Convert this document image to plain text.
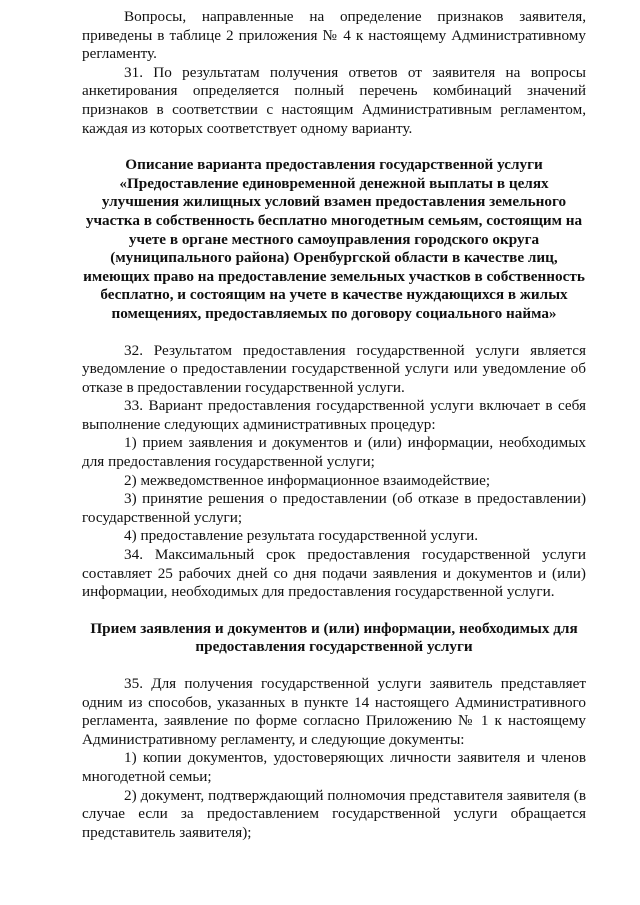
Вопросы, направленные на определение признаков заявителя, приведены в таблице 2 приложения № 4 к настоящему Административному регламенту.

31. По результатам получения ответов от заявителя на вопросы анкетирования определяется полный перечень комбинаций значений признаков в соответствии с настоящим Административным регламентом, каждая из которых соответствует одному варианту.

Описание варианта предоставления государственной услуги «Предоставление единовременной денежной выплаты в целях улучшения жилищных условий взамен предоставления земельного участка в собственность бесплатно многодетным семьям, состоящим на учете в органе местного самоуправления городского округа (муниципального района) Оренбургской области в качестве лиц, имеющих право на предоставление земельных участков в собственность бесплатно, и состоящим на учете в качестве нуждающихся в жилых помещениях, предоставляемых по договору социального найма»

32. Результатом предоставления государственной услуги является уведомление о предоставлении государственной услуги или уведомление об отказе в предоставлении государственной услуги.

33. Вариант предоставления государственной услуги включает в себя выполнение следующих административных процедур:

1) прием заявления и документов и (или) информации, необходимых для предоставления государственной услуги;

2) межведомственное информационное взаимодействие;

3) принятие решения о предоставлении (об отказе в предоставлении) государственной услуги;

4) предоставление результата государственной услуги.

34. Максимальный срок предоставления государственной услуги составляет 25 рабочих дней со дня подачи заявления и документов и (или) информации, необходимых для предоставления государственной услуги.

Прием заявления и документов и (или) информации, необходимых для предоставления государственной услуги

35. Для получения государственной услуги заявитель представляет одним из способов, указанных в пункте 14 настоящего Административного регламента, заявление по форме согласно Приложению № 1 к настоящему Административному регламенту, и следующие документы:

1) копии документов, удостоверяющих личности заявителя и членов многодетной семьи;

2) документ, подтверждающий полномочия представителя заявителя (в случае если за предоставлением государственной услуги обращается представитель заявителя);
